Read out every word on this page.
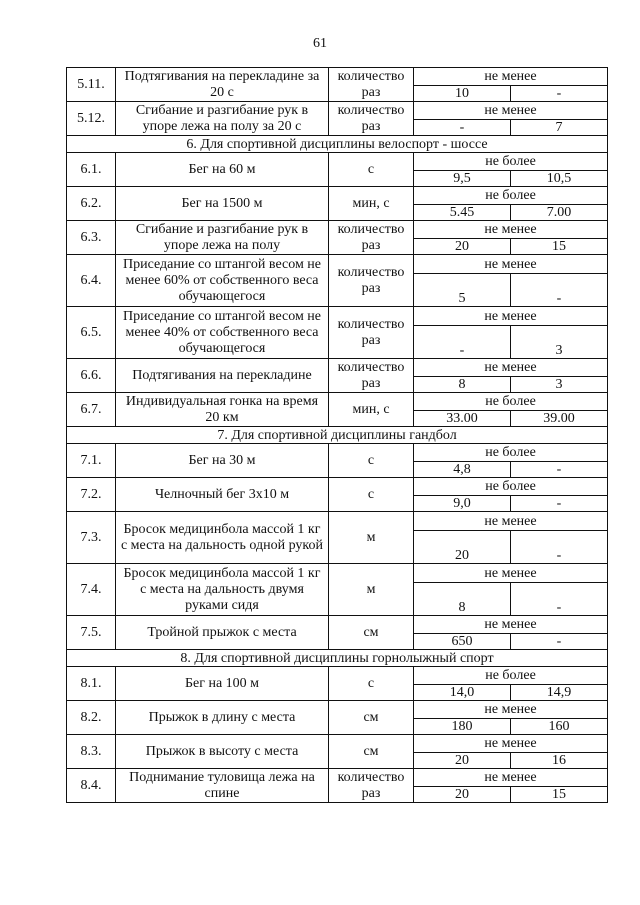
61
5.11.	Подтягивания на перекладине за 20 с	количество раз	не менее	
			10	-
5.12.	Сгибание и разгибание рук в упоре лежа на полу за 20 с	количество раз	не менее	
			-	7
6. Для спортивной дисциплины велоспорт - шоссе				
6.1.	Бег на 60 м	с	не более	
			9,5	10,5
6.2.	Бег на 1500 м	мин, с	не более	
			5.45	7.00
6.3.	Сгибание и разгибание рук в упоре лежа на полу	количество раз	не менее	
			20	15
6.4.	Приседание со штангой весом не менее 60% от собственного веса обучающегося	количество раз	не менее	
			5	-
6.5.	Приседание со штангой весом не менее 40% от собственного веса обучающегося	количество раз	не менее	
			-	3
6.6.	Подтягивания на перекладине	количество раз	не менее	
			8	3
6.7.	Индивидуальная гонка на время 20 км	мин, с	не более	
			33.00	39.00
7. Для спортивной дисциплины гандбол				
7.1.	Бег на 30 м	с	не более	
			4,8	-
7.2.	Челночный бег 3х10 м	с	не более	
			9,0	-
7.3.	Бросок медицинбола массой 1 кг с места на дальность одной рукой	м	не менее	
			20	-
7.4.	Бросок медицинбола массой 1 кг с места на дальность двумя руками сидя	м	не менее	
			8	-
7.5.	Тройной прыжок с места	см	не менее	
			650	-
8. Для спортивной дисциплины горнолыжный спорт				
8.1.	Бег на 100 м	с	не более	
			14,0	14,9
8.2.	Прыжок в длину с места	см	не менее	
			180	160
8.3.	Прыжок в высоту с места	см	не менее	
			20	16
8.4.	Поднимание туловища лежа на спине	количество раз	не менее	
			20	15
